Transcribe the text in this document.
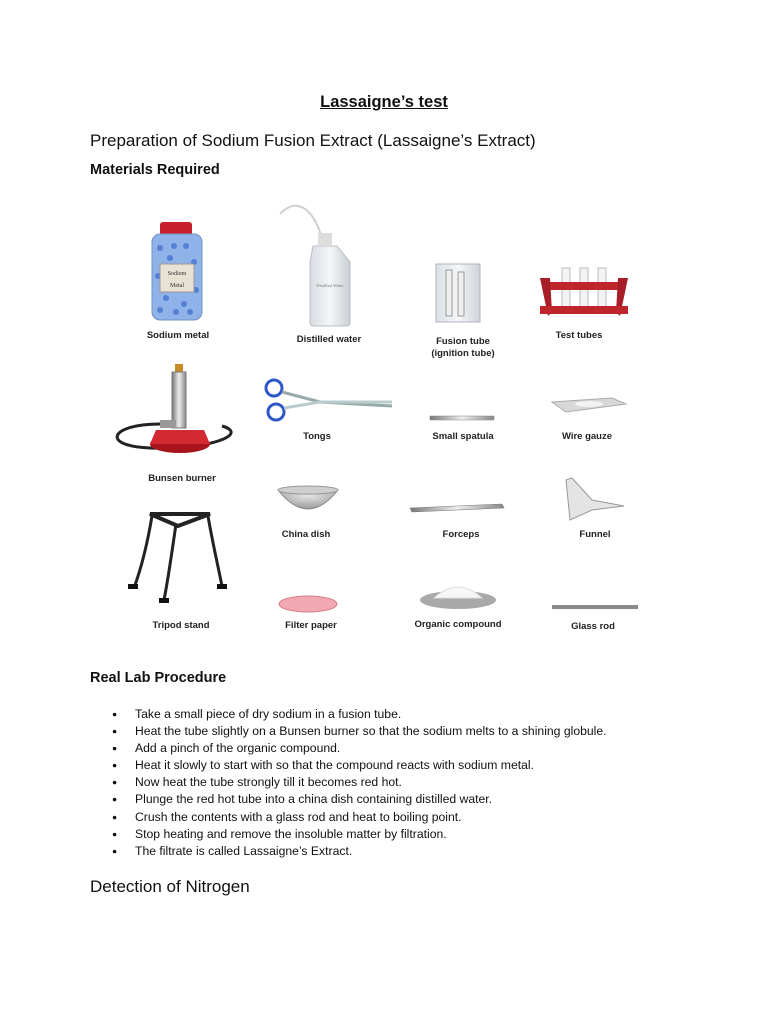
Lassaigne’s test
Preparation of Sodium Fusion Extract (Lassaigne’s Extract)
Materials Required
Sodium
Metal	Distilled Water
Sodium metal	Distilled water	Fusion tube
(ignition tube)
Test tubes
Bunsen burner
Tongs	Small spatula	Wire gauze
China dish	Forceps	Funnel
Tripod stand	Filter paper	Organic compound	Glass rod
Real Lab Procedure
● Take a small piece of dry sodium in a fusion tube.
● Heat the tube slightly on a Bunsen burner so that the sodium melts to a shining globule.
● Add a pinch of the organic compound.
● Heat it slowly to start with so that the compound reacts with sodium metal.
● Now heat the tube strongly till it becomes red hot.
● Plunge the red hot tube into a china dish containing distilled water.
● Crush the contents with a glass rod and heat to boiling point.
● Stop heating and remove the insoluble matter by filtration.
● The filtrate is called Lassaigne’s Extract.
Detection of Nitrogen
